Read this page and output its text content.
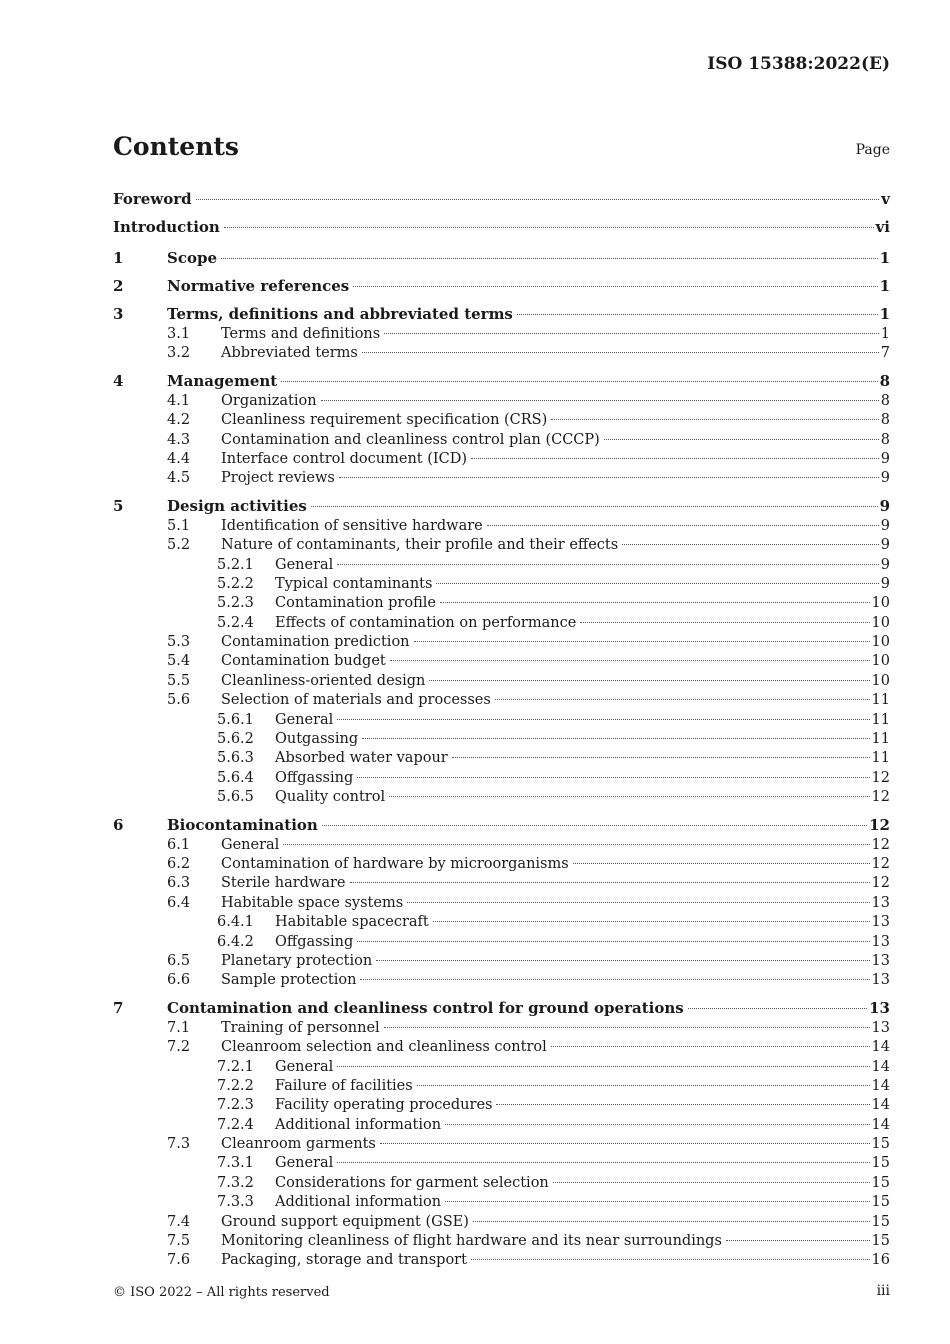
ISO 15388:2022(E)
Contents	Page
Foreword	v
Introduction	vi
1	Scope	1
2	Normative references	1
3	Terms, definitions and abbreviated terms	1
3.1 Terms and definitions	1
3.2 Abbreviated terms	7
4	Management	8
4.1 Organization	8
4.2 Cleanliness requirement specification (CRS)	8
4.3 Contamination and cleanliness control plan (CCCP)	8
4.4 Interface control document (ICD)	9
4.5 Project reviews	9
5	Design activities	9
5.1 Identification of sensitive hardware	9
5.2 Nature of contaminants, their profile and their effects	9
5.2.1 General	9
5.2.2 Typical contaminants	9
5.2.3 Contamination profile	10
5.2.4 Effects of contamination on performance	10
5.3 Contamination prediction	10
5.4 Contamination budget	10
5.5 Cleanliness-oriented design	10
5.6 Selection of materials and processes	11
5.6.1 General	11
5.6.2 Outgassing	11
5.6.3 Absorbed water vapour	11
5.6.4 Offgassing	12
5.6.5 Quality control	12
6	Biocontamination	12
6.1 General	12
6.2 Contamination of hardware by microorganisms	12
6.3 Sterile hardware	12
6.4 Habitable space systems	13
6.4.1 Habitable spacecraft	13
6.4.2 Offgassing	13
6.5 Planetary protection	13
6.6 Sample protection	13
7	Contamination and cleanliness control for ground operations	13
7.1 Training of personnel	13
7.2 Cleanroom selection and cleanliness control	14
7.2.1 General	14
7.2.2 Failure of facilities	14
7.2.3 Facility operating procedures	14
7.2.4 Additional information	14
7.3 Cleanroom garments	15
7.3.1 General	15
7.3.2 Considerations for garment selection	15
7.3.3 Additional information	15
7.4 Ground support equipment (GSE)	15
7.5 Monitoring cleanliness of flight hardware and its near surroundings	15
7.6 Packaging, storage and transport	16
© ISO 2022 – All rights reserved	iii
